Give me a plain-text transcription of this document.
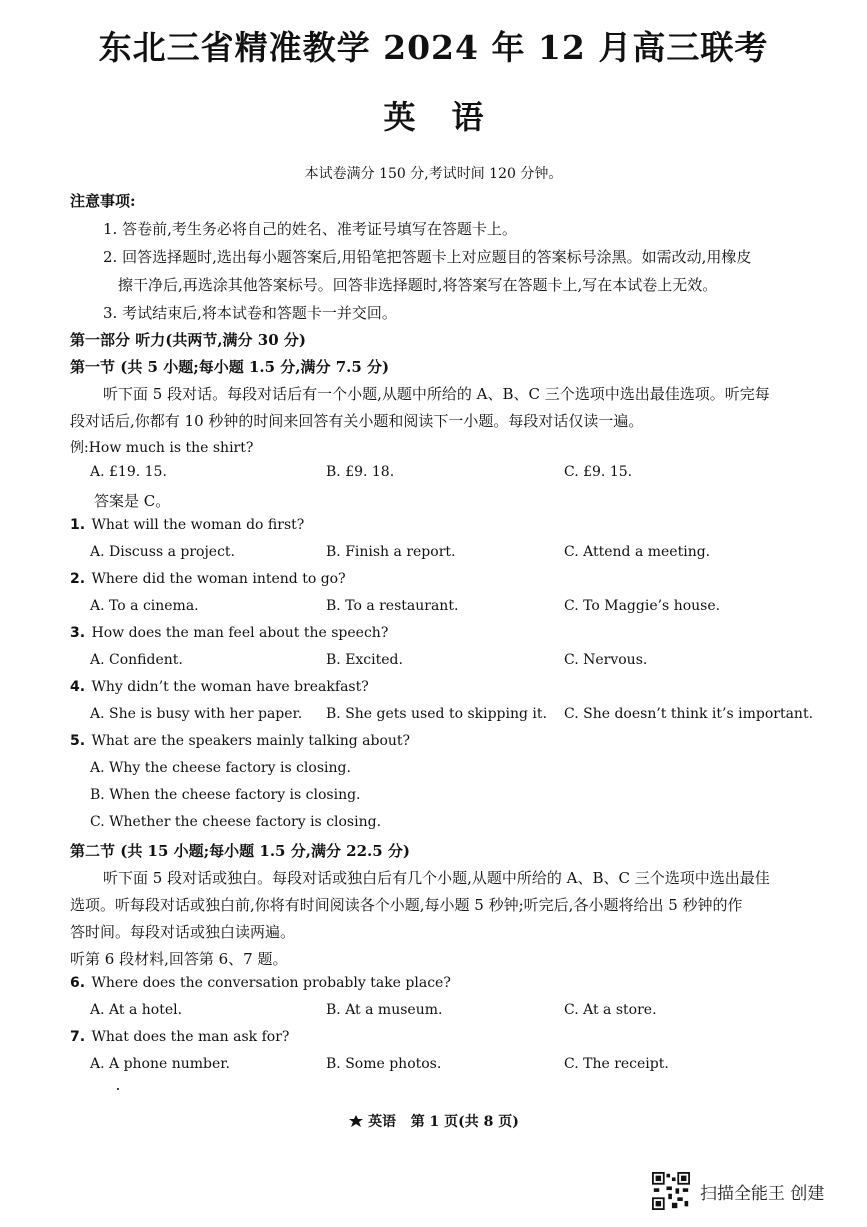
东北三省精准教学 2024 年 12 月高三联考
英 语
本试卷满分 150 分,考试时间 120 分钟。
注意事项:
1. 答卷前,考生务必将自己的姓名、准考证号填写在答题卡上。
2. 回答选择题时,选出每小题答案后,用铅笔把答题卡上对应题目的答案标号涂黑。如需改动,用橡皮
擦干净后,再选涂其他答案标号。回答非选择题时,将答案写在答题卡上,写在本试卷上无效。
3. 考试结束后,将本试卷和答题卡一并交回。
第一部分 听力(共两节,满分 30 分)
第一节 (共 5 小题;每小题 1.5 分,满分 7.5 分)
听下面 5 段对话。每段对话后有一个小题,从题中所给的 A、B、C 三个选项中选出最佳选项。听完每
段对话后,你都有 10 秒钟的时间来回答有关小题和阅读下一小题。每段对话仅读一遍。
例:How much is the shirt?
A. £19. 15.	B. £9. 18.	C. £9. 15.
答案是 C。
1. What will the woman do first?
A. Discuss a project.	B. Finish a report.	C. Attend a meeting.
2. Where did the woman intend to go?
A. To a cinema.	B. To a restaurant.	C. To Maggie’s house.
3. How does the man feel about the speech?
A. Confident.	B. Excited.	C. Nervous.
4. Why didn’t the woman have breakfast?
A. She is busy with her paper. B. She gets used to skipping it. C. She doesn’t think it’s important.
5. What are the speakers mainly talking about?
A. Why the cheese factory is closing.
B. When the cheese factory is closing.
C. Whether the cheese factory is closing.
第二节 (共 15 小题;每小题 1.5 分,满分 22.5 分)
听下面 5 段对话或独白。每段对话或独白后有几个小题,从题中所给的 A、B、C 三个选项中选出最佳
选项。听每段对话或独白前,你将有时间阅读各个小题,每小题 5 秒钟;听完后,各小题将给出 5 秒钟的作
答时间。每段对话或独白读两遍。
听第 6 段材料,回答第 6、7 题。
6. Where does the conversation probably take place?
A. At a hotel.	B. At a museum.	C. At a store.
7. What does the man ask for?
A. A phone number.	B. Some photos.	C. The receipt.
英语 第 1 页(共 8 页)
扫描全能王 创建
